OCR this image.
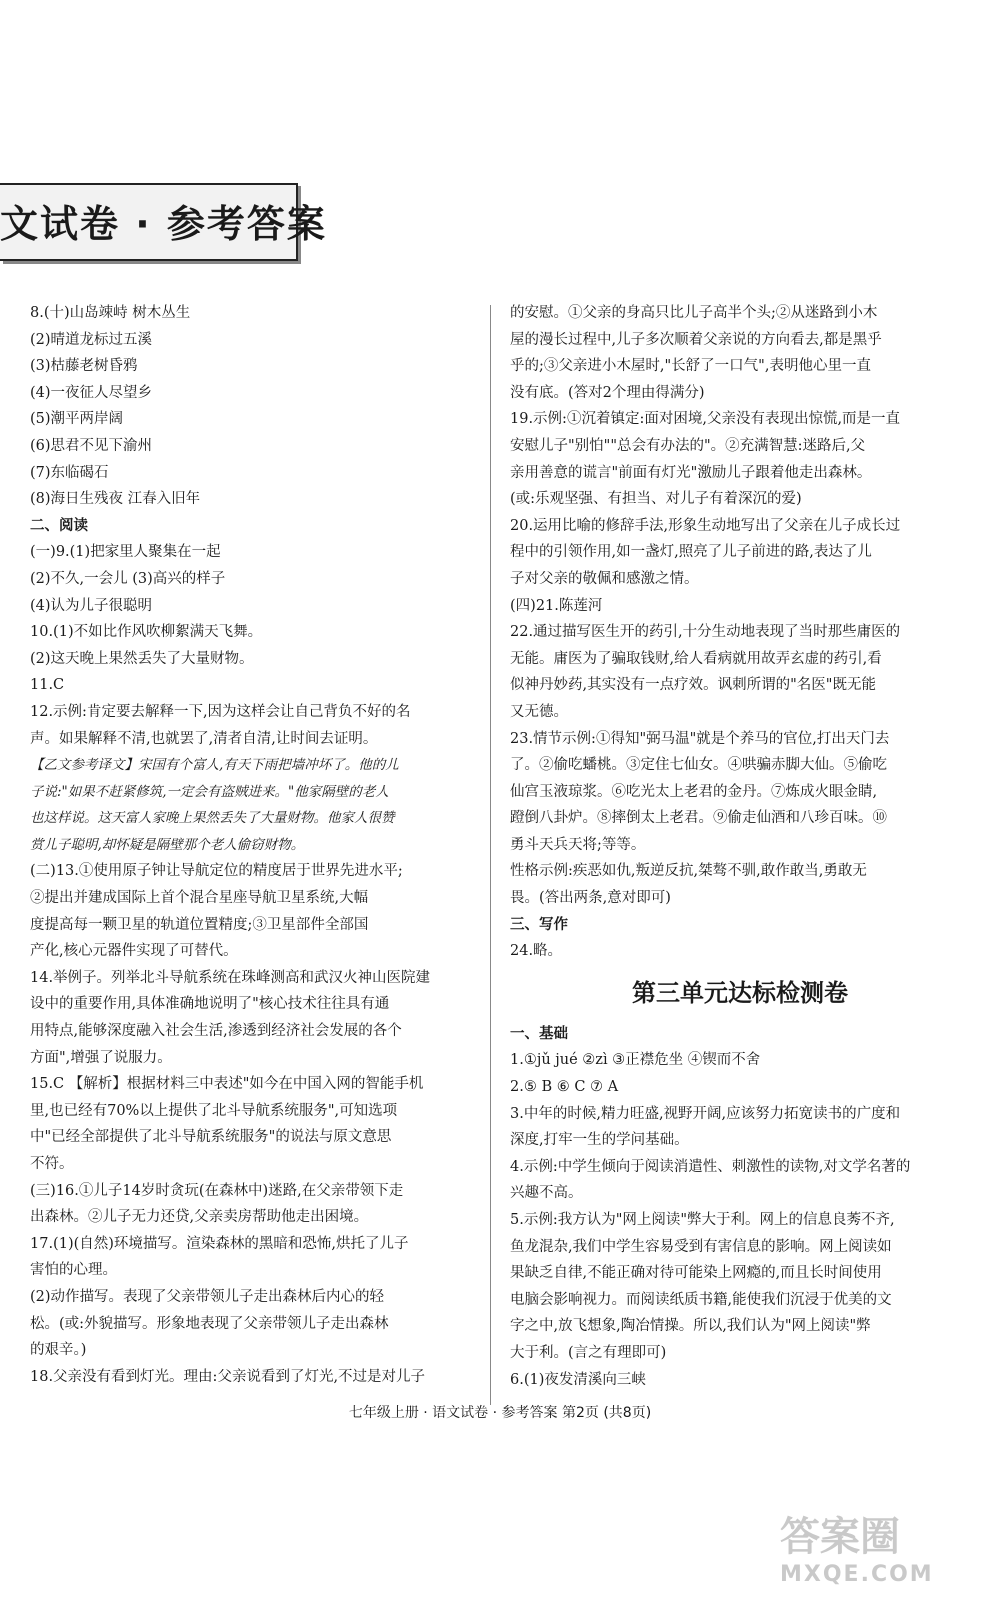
文试卷 · 参考答案
8.(十)山岛竦峙 树木丛生
(2)晴道龙标过五溪
(3)枯藤老树昏鸦
(4)一夜征人尽望乡
(5)潮平两岸阔
(6)思君不见下渝州
(7)东临碣石
(8)海日生残夜 江春入旧年
二、阅读
(一)9.(1)把家里人聚集在一起
(2)不久,一会儿 (3)高兴的样子
(4)认为儿子很聪明
10.(1)不如比作风吹柳絮满天飞舞。
(2)这天晚上果然丢失了大量财物。
11.C
12.示例:肯定要去解释一下,因为这样会让自己背负不好的名
声。如果解释不清,也就罢了,清者自清,让时间去证明。
【乙文参考译文】宋国有个富人,有天下雨把墙冲坏了。他的儿
子说:"如果不赶紧修筑,一定会有盗贼进来。"他家隔壁的老人
也这样说。这天富人家晚上果然丢失了大量财物。他家人很赞
赏儿子聪明,却怀疑是隔壁那个老人偷窃财物。
(二)13.①使用原子钟让导航定位的精度居于世界先进水平;
②提出并建成国际上首个混合星座导航卫星系统,大幅
度提高每一颗卫星的轨道位置精度;③卫星部件全部国
产化,核心元器件实现了可替代。
14.举例子。列举北斗导航系统在珠峰测高和武汉火神山医院建
设中的重要作用,具体准确地说明了"核心技术往往具有通
用特点,能够深度融入社会生活,渗透到经济社会发展的各个
方面",增强了说服力。
15.C 【解析】根据材料三中表述"如今在中国入网的智能手机
里,也已经有70%以上提供了北斗导航系统服务",可知选项
中"已经全部提供了北斗导航系统服务"的说法与原文意思
不符。
(三)16.①儿子14岁时贪玩(在森林中)迷路,在父亲带领下走
出森林。②儿子无力还贷,父亲卖房帮助他走出困境。
17.(1)(自然)环境描写。渲染森林的黑暗和恐怖,烘托了儿子
害怕的心理。
(2)动作描写。表现了父亲带领儿子走出森林后内心的轻
松。(或:外貌描写。形象地表现了父亲带领儿子走出森林
的艰辛。)
18.父亲没有看到灯光。理由:父亲说看到了灯光,不过是对儿子
的安慰。①父亲的身高只比儿子高半个头;②从迷路到小木
屋的漫长过程中,儿子多次顺着父亲说的方向看去,都是黑乎
乎的;③父亲进小木屋时,"长舒了一口气",表明他心里一直
没有底。(答对2个理由得满分)
19.示例:①沉着镇定:面对困境,父亲没有表现出惊慌,而是一直
安慰儿子"别怕""总会有办法的"。②充满智慧:迷路后,父
亲用善意的谎言"前面有灯光"激励儿子跟着他走出森林。
(或:乐观坚强、有担当、对儿子有着深沉的爱)
20.运用比喻的修辞手法,形象生动地写出了父亲在儿子成长过
程中的引领作用,如一盏灯,照亮了儿子前进的路,表达了儿
子对父亲的敬佩和感激之情。
(四)21.陈莲河
22.通过描写医生开的药引,十分生动地表现了当时那些庸医的
无能。庸医为了骗取钱财,给人看病就用故弄玄虚的药引,看
似神丹妙药,其实没有一点疗效。讽刺所谓的"名医"既无能
又无德。
23.情节示例:①得知"弼马温"就是个养马的官位,打出天门去
了。②偷吃蟠桃。③定住七仙女。④哄骗赤脚大仙。⑤偷吃
仙宫玉液琼浆。⑥吃光太上老君的金丹。⑦炼成火眼金睛,
蹬倒八卦炉。⑧摔倒太上老君。⑨偷走仙酒和八珍百味。⑩
勇斗天兵天将;等等。
性格示例:疾恶如仇,叛逆反抗,桀骜不驯,敢作敢当,勇敢无
畏。(答出两条,意对即可)
三、写作
24.略。
第三单元达标检测卷
一、基础
1.①jǔ jué ②zì ③正襟危坐 ④锲而不舍
2.⑤ B ⑥ C ⑦ A
3.中年的时候,精力旺盛,视野开阔,应该努力拓宽读书的广度和
深度,打牢一生的学问基础。
4.示例:中学生倾向于阅读消遣性、刺激性的读物,对文学名著的
兴趣不高。
5.示例:我方认为"网上阅读"弊大于利。网上的信息良莠不齐,
鱼龙混杂,我们中学生容易受到有害信息的影响。网上阅读如
果缺乏自律,不能正确对待可能染上网瘾的,而且长时间使用
电脑会影响视力。而阅读纸质书籍,能使我们沉浸于优美的文
字之中,放飞想象,陶冶情操。所以,我们认为"网上阅读"弊
大于利。(言之有理即可)
6.(1)夜发清溪向三峡
七年级上册 · 语文试卷 · 参考答案 第2页 (共8页)
答案圈
MXQE.COM
